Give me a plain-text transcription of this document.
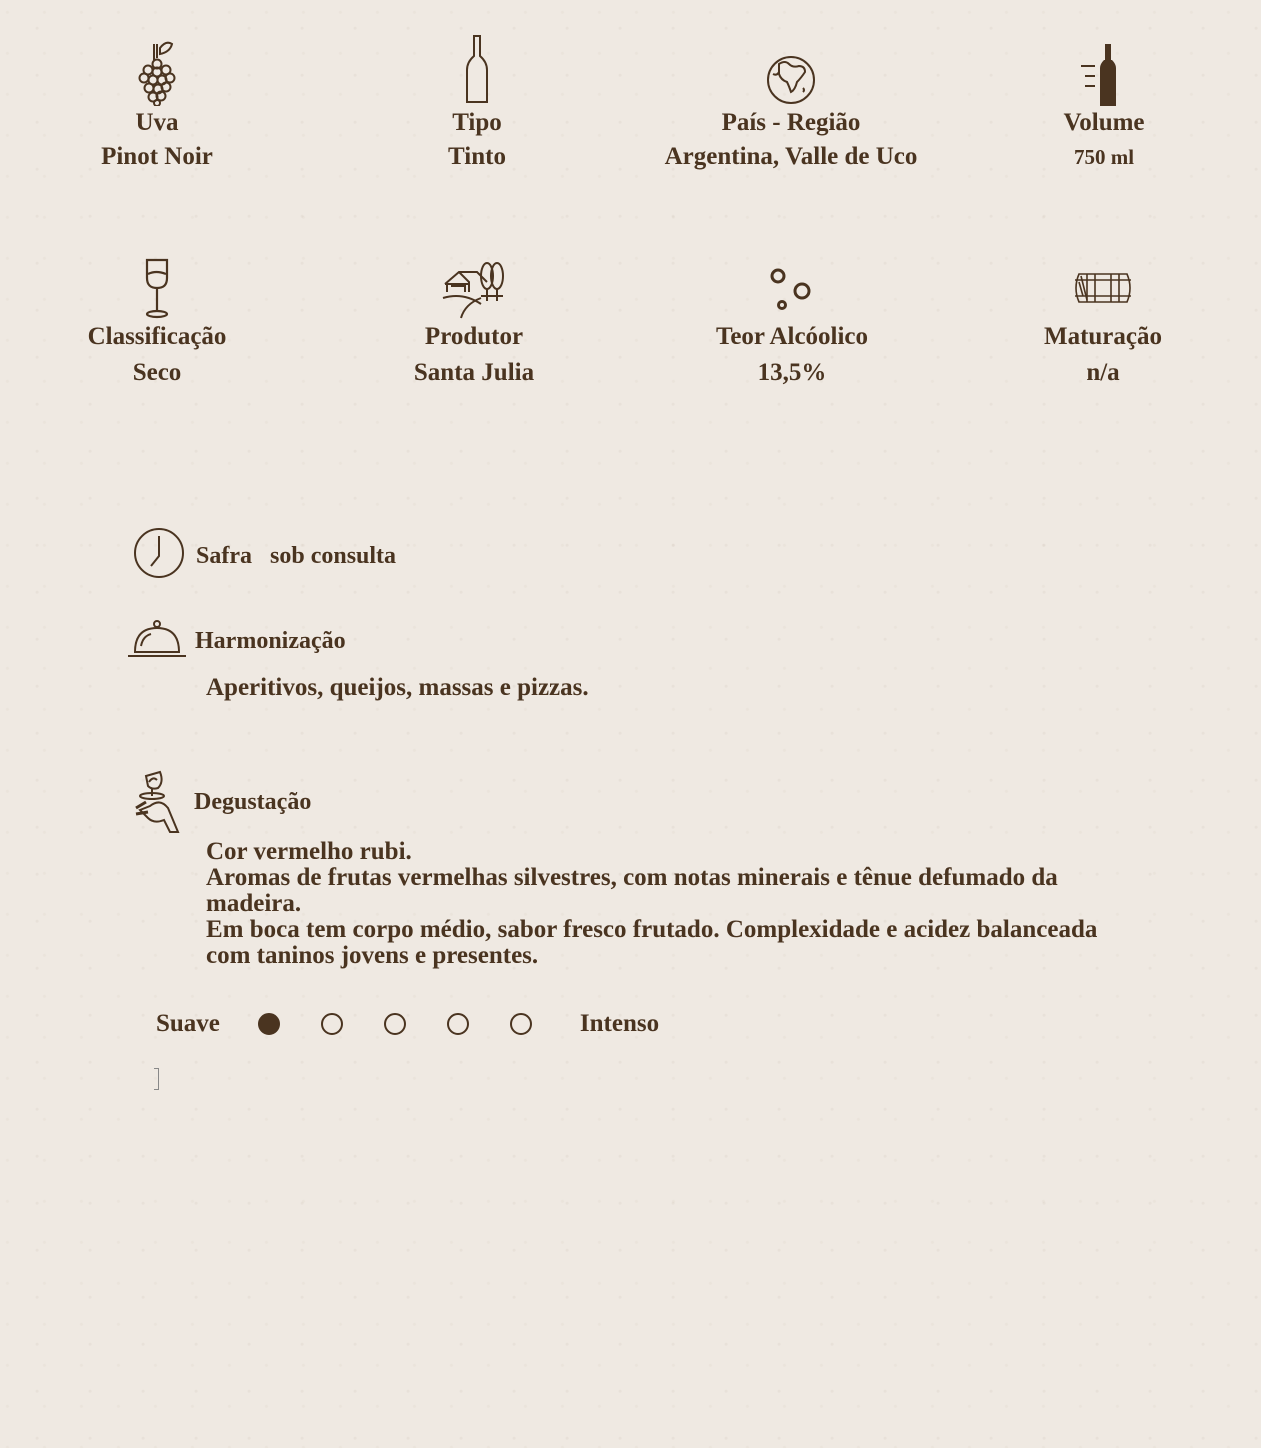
Uva
Pinot Noir
Tipo
Tinto
País - Região
Argentina, Valle de Uco
Volume
750 ml
Classificação
Seco
Produtor
Santa Julia
Teor Alcóolico
13,5%
Maturação
n/a
Safra sob consulta
Harmonização
Aperitivos, queijos, massas e pizzas.
Degustação
Cor vermelho rubi.
Aromas de frutas vermelhas silvestres, com notas minerais e tênue defumado da madeira.
Em boca tem corpo médio, sabor fresco frutado. Complexidade e acidez balanceada com taninos jovens e presentes.
Suave	Intenso
